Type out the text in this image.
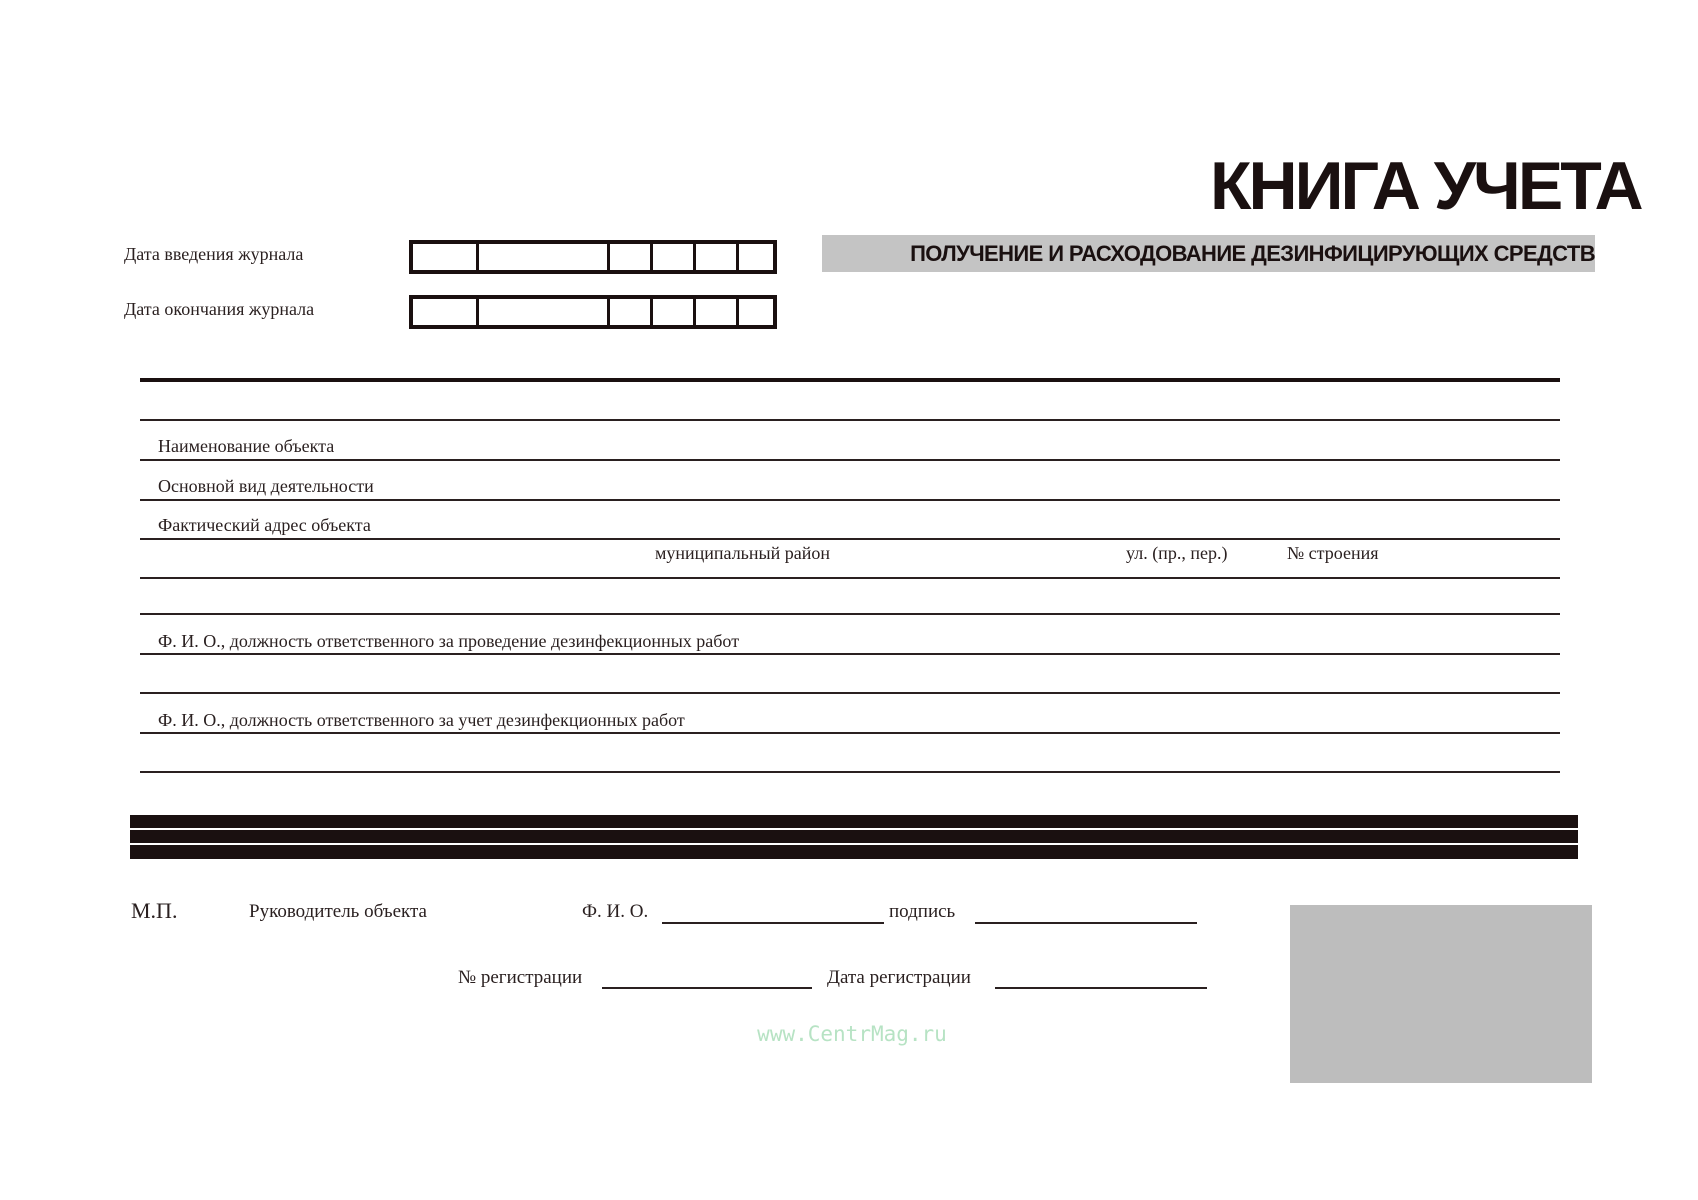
КНИГА УЧЕТА
ПОЛУЧЕНИЕ И РАСХОДОВАНИЕ ДЕЗИНФИЦИРУЮЩИХ СРЕДСТВ
Дата введения журнала
Дата окончания журнала
Наименование объекта
Основной вид деятельности
Фактический адрес объекта
муниципальный район	ул. (пр., пер.)	№ строения
Ф. И. О., должность ответственного за проведение дезинфекционных работ
Ф. И. О., должность ответственного за учет дезинфекционных работ
М.П.	Руководитель объекта	Ф. И. О.	подпись
№ регистрации	Дата регистрации
www.CentrMag.ru
